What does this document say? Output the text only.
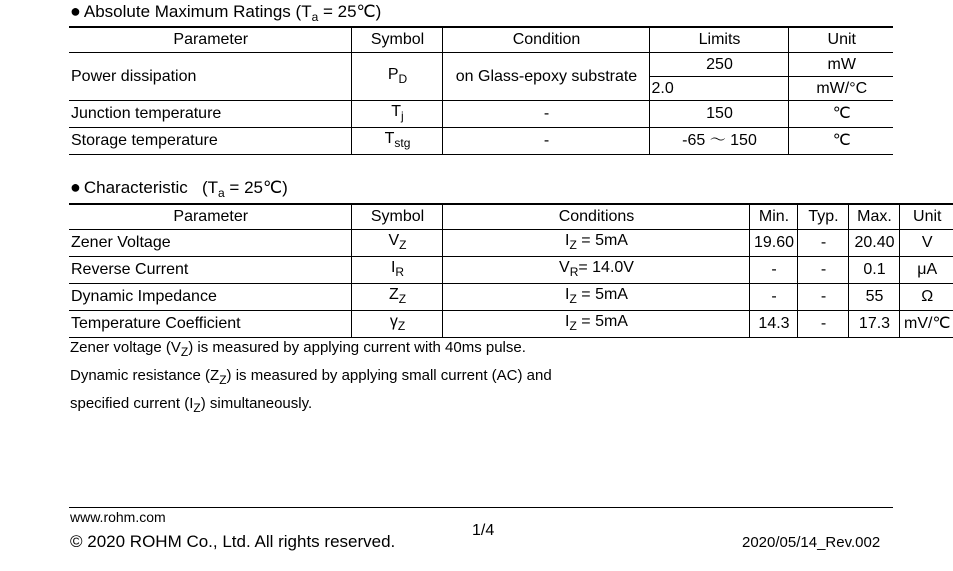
● Absolute Maximum Ratings ($T_a$ = 25℃)
Parameter	Symbol	Condition	Limits	Unit
Power dissipation	$P_D$	on Glass-epoxy substrate	250	mW
			2.0	mW/°C
Junction temperature	$T_j$	-	150	℃
Storage temperature	$T_{stg}$	-	-65 ～ 150	℃
● Characteristic ($T_a$ = 25℃)
Parameter	Symbol	Conditions	Min.	Typ.	Max.	Unit
Zener Voltage	$V_Z$	$I_Z = 5mA$	19.60	-	20.40	V
Reverse Current	$I_R$	$V_R= 14.0V$	-	-	0.1	μA
Dynamic Impedance	$Z_Z$	$I_Z = 5mA$	-	-	55	Ω
Temperature Coefficient	$\gamma_Z$	$I_Z = 5mA$	14.3	-	17.3	mV/℃
Zener voltage $(V_Z)$ is measured by applying current with 40ms pulse.
Dynamic resistance $(Z_Z)$ is measured by applying small current (AC) and
specified current $(I_Z)$ simultaneously.
www.rohm.com
© 2020 ROHM Co., Ltd. All rights reserved.
1/4
2020/05/14_Rev.002
